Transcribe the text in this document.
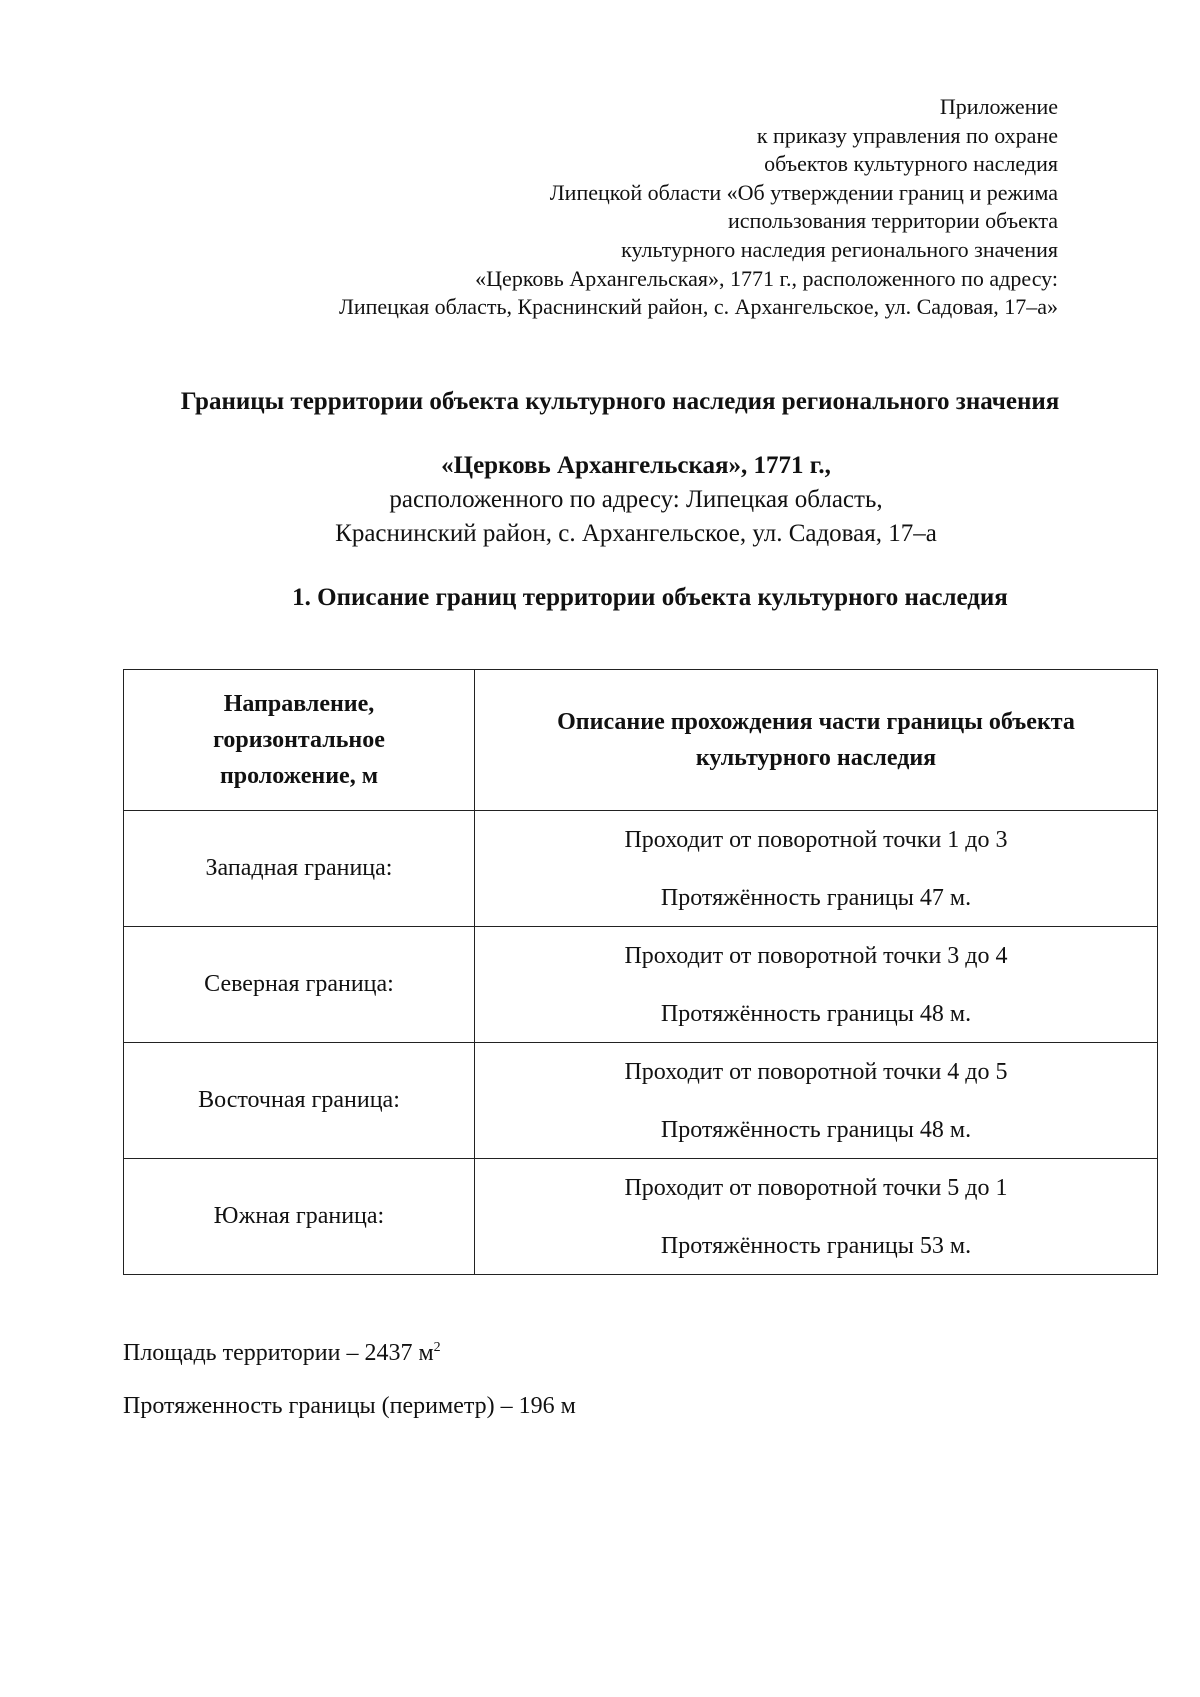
Приложение
к приказу управления по охране
объектов культурного наследия
Липецкой области «Об утверждении границ и режима
использования территории объекта
культурного наследия регионального значения
«Церковь Архангельская», 1771 г., расположенного по адресу:
Липецкая область, Краснинский район, с. Архангельское, ул. Садовая, 17–а»
Границы территории объекта культурного наследия регионального значения
«Церковь Архангельская», 1771 г.,
расположенного по адресу: Липецкая область,
Краснинский район, с. Архангельское, ул. Садовая, 17–а
1. Описание границ территории объекта культурного наследия
Направление, горизонтальное проложение, м	Описание прохождения части границы объекта культурного наследия

Западная граница:	Проходит от поворотной точки 1 до 3
Протяжённость границы 47 м.

Северная граница:	Проходит от поворотной точки 3 до 4
Протяжённость границы 48 м.

Восточная граница:	Проходит от поворотной точки 4 до 5
Протяжённость границы 48 м.

Южная граница:	Проходит от поворотной точки 5 до 1
Протяжённость границы 53 м.
Площадь территории – 2437 $м^2$
Протяженность границы (периметр) – 196 м
